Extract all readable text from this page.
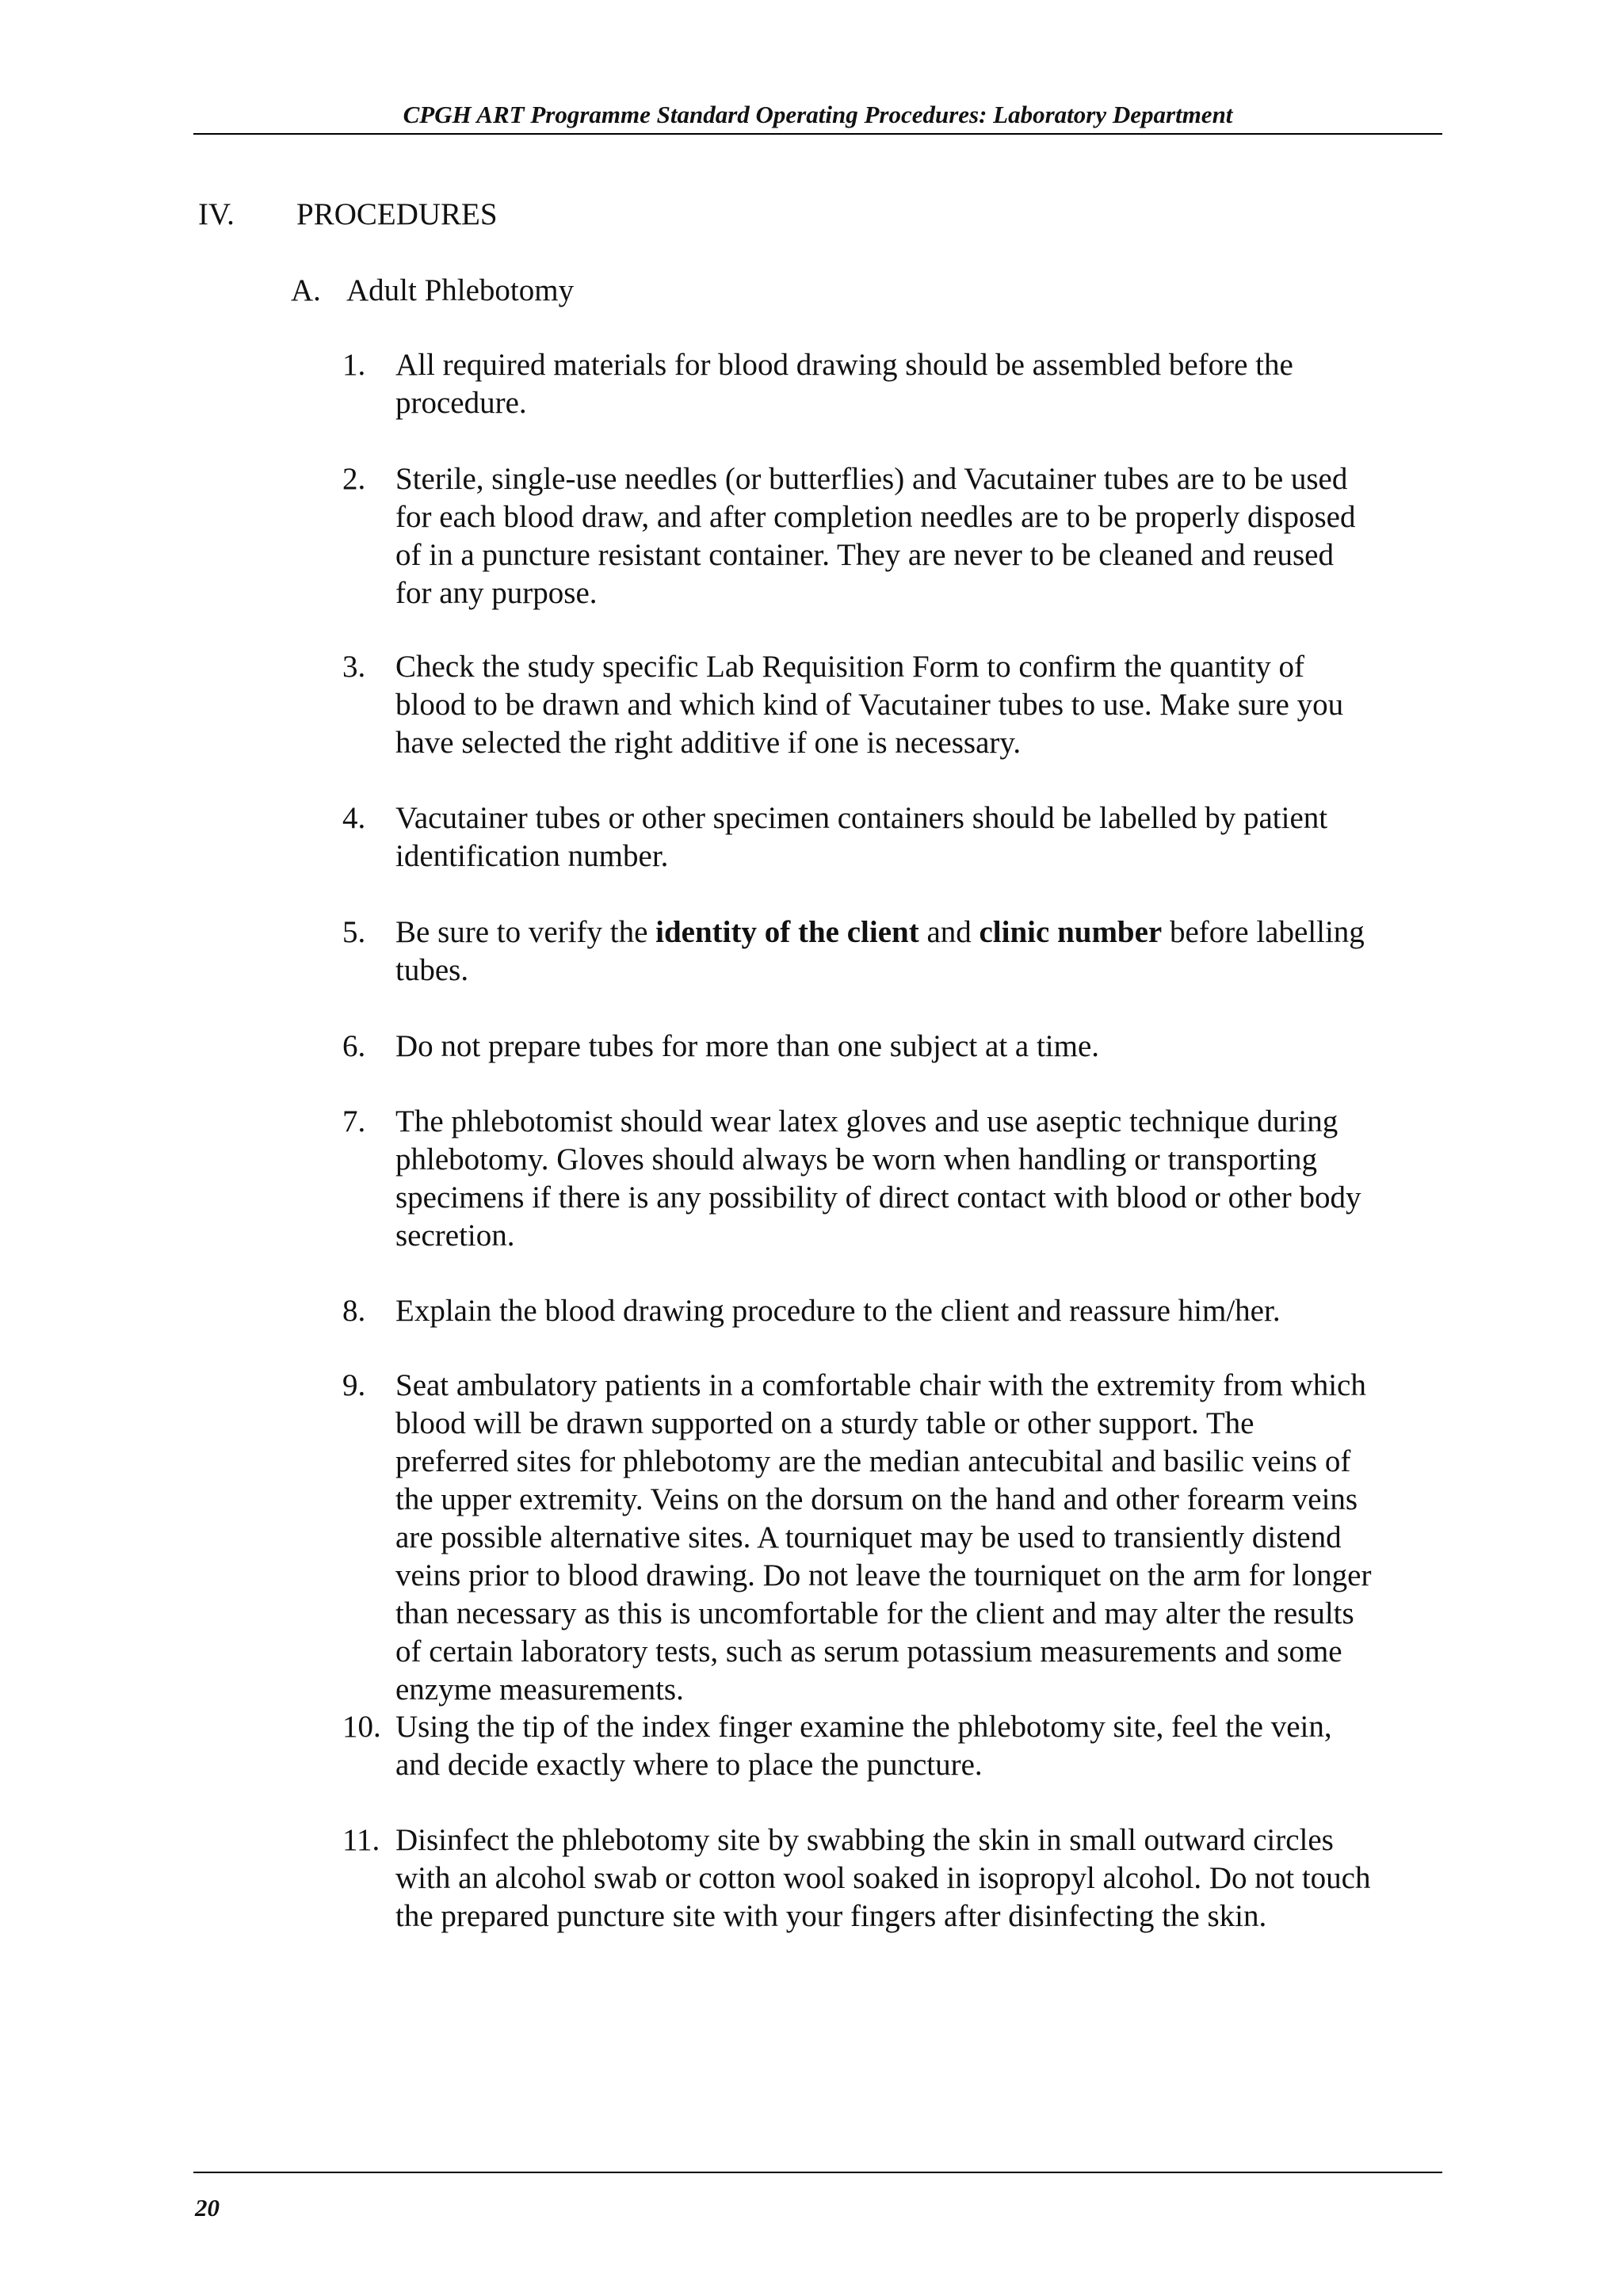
CPGH ART Programme Standard Operating Procedures: Laboratory Department
IV. PROCEDURES
A. Adult Phlebotomy
1. All required materials for blood drawing should be assembled before the
procedure.
2. Sterile, single-use needles (or butterflies) and Vacutainer tubes are to be used
for each blood draw, and after completion needles are to be properly disposed
of in a puncture resistant container. They are never to be cleaned and reused
for any purpose.
3. Check the study specific Lab Requisition Form to confirm the quantity of
blood to be drawn and which kind of Vacutainer tubes to use. Make sure you
have selected the right additive if one is necessary.
4. Vacutainer tubes or other specimen containers should be labelled by patient
identification number.
5. Be sure to verify the identity of the client and clinic number before labelling
tubes.
6. Do not prepare tubes for more than one subject at a time.
7. The phlebotomist should wear latex gloves and use aseptic technique during
phlebotomy. Gloves should always be worn when handling or transporting
specimens if there is any possibility of direct contact with blood or other body
secretion.
8. Explain the blood drawing procedure to the client and reassure him/her.
9. Seat ambulatory patients in a comfortable chair with the extremity from which
blood will be drawn supported on a sturdy table or other support. The
preferred sites for phlebotomy are the median antecubital and basilic veins of
the upper extremity. Veins on the dorsum on the hand and other forearm veins
are possible alternative sites. A tourniquet may be used to transiently distend
veins prior to blood drawing. Do not leave the tourniquet on the arm for longer
than necessary as this is uncomfortable for the client and may alter the results
of certain laboratory tests, such as serum potassium measurements and some
enzyme measurements.
10. Using the tip of the index finger examine the phlebotomy site, feel the vein,
and decide exactly where to place the puncture.
11. Disinfect the phlebotomy site by swabbing the skin in small outward circles
with an alcohol swab or cotton wool soaked in isopropyl alcohol. Do not touch
the prepared puncture site with your fingers after disinfecting the skin.
20
